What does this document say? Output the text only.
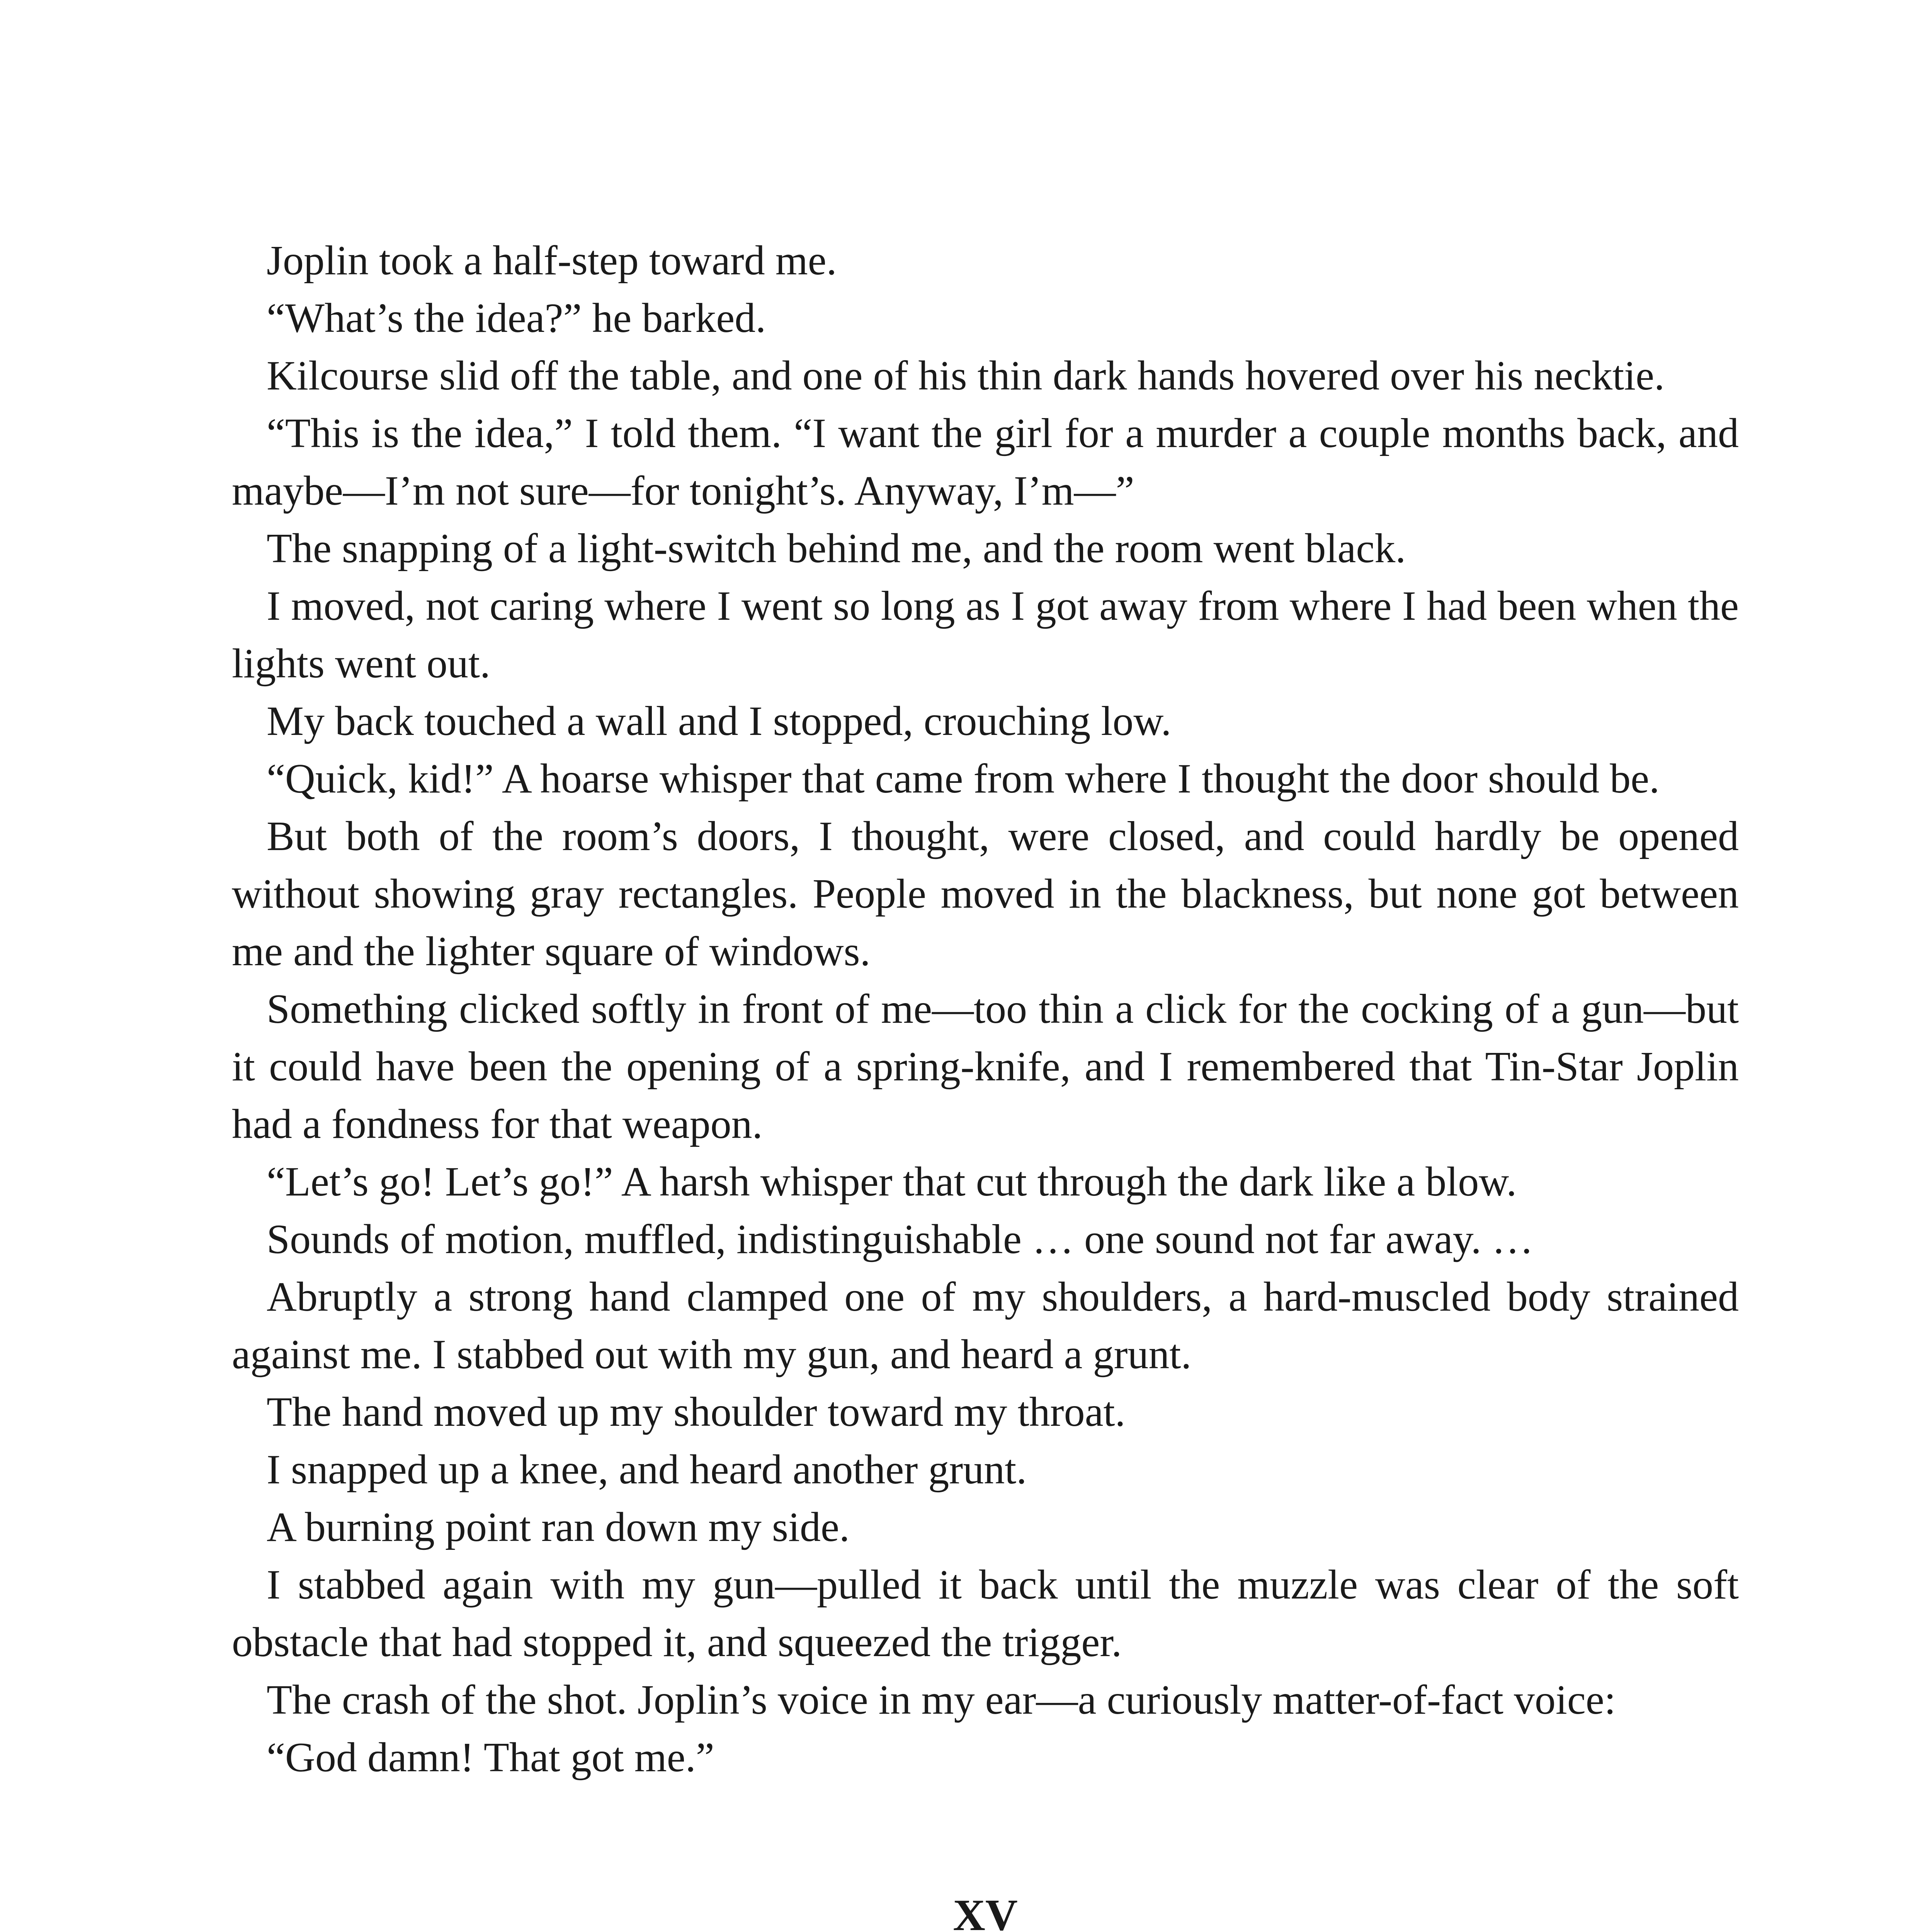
Joplin took a half-step toward me.

“What’s the idea?” he barked.

Kilcourse slid off the table, and one of his thin dark hands hovered over his necktie.

“This is the idea,” I told them. “I want the girl for a murder a couple months back, and maybe—I’m not sure—for tonight’s. Anyway, I’m—”

The snapping of a light-switch behind me, and the room went black.

I moved, not caring where I went so long as I got away from where I had been when the lights went out.

My back touched a wall and I stopped, crouching low.

“Quick, kid!” A hoarse whisper that came from where I thought the door should be.

But both of the room’s doors, I thought, were closed, and could hardly be opened without showing gray rectangles. People moved in the blackness, but none got between me and the lighter square of windows.

Something clicked softly in front of me—too thin a click for the cocking of a gun—but it could have been the opening of a spring-knife, and I remembered that Tin-Star Joplin had a fondness for that weapon.

“Let’s go! Let’s go!” A harsh whisper that cut through the dark like a blow.

Sounds of motion, muffled, indistinguishable … one sound not far away. …

Abruptly a strong hand clamped one of my shoulders, a hard-muscled body strained against me. I stabbed out with my gun, and heard a grunt.

The hand moved up my shoulder toward my throat.

I snapped up a knee, and heard another grunt.

A burning point ran down my side.

I stabbed again with my gun—pulled it back until the muzzle was clear of the soft obstacle that had stopped it, and squeezed the trigger.

The crash of the shot. Joplin’s voice in my ear—a curiously matter-of-fact voice:

“God damn! That got me.”

XV
